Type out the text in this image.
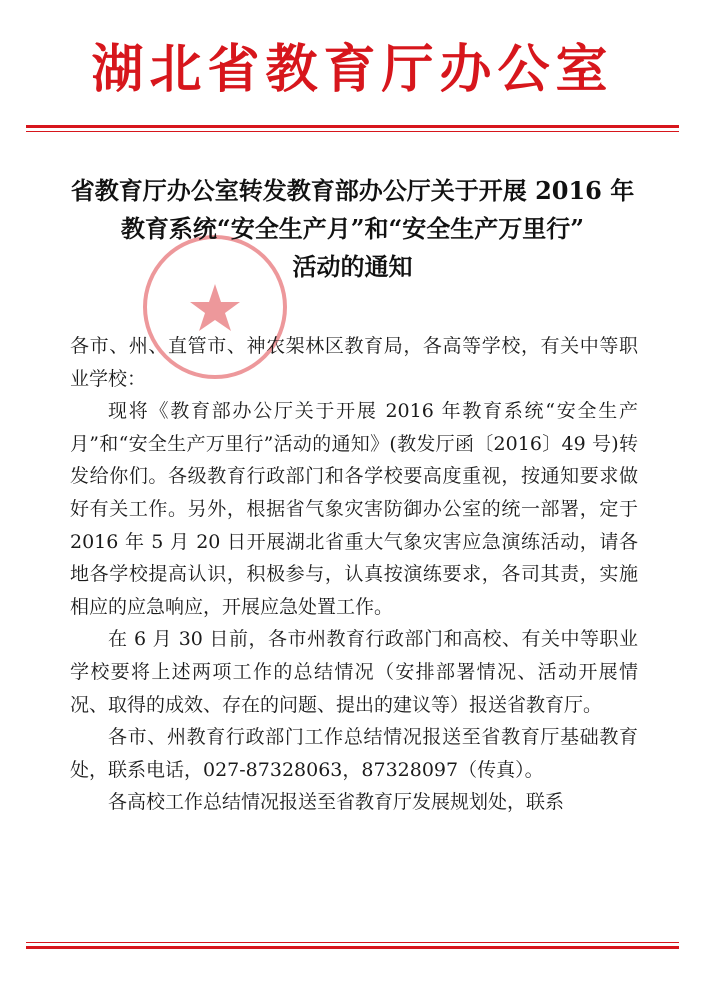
湖北省教育厅办公室
省教育厅办公室转发教育部办公厅关于开展 2016 年
教育系统“安全生产月”和“安全生产万里行”
活动的通知

各市、州、直管市、神农架林区教育局，各高等学校，有关中等职业学校：

现将《教育部办公厅关于开展 2016 年教育系统“安全生产月”和“安全生产万里行”活动的通知》(教发厅函〔2016〕49 号)转发给你们。各级教育行政部门和各学校要高度重视，按通知要求做好有关工作。另外，根据省气象灾害防御办公室的统一部署，定于 2016 年 5 月 20 日开展湖北省重大气象灾害应急演练活动，请各地各学校提高认识，积极参与，认真按演练要求，各司其责，实施相应的应急响应，开展应急处置工作。

在 6 月 30 日前，各市州教育行政部门和高校、有关中等职业学校要将上述两项工作的总结情况（安排部署情况、活动开展情况、取得的成效、存在的问题、提出的建议等）报送省教育厅。

各市、州教育行政部门工作总结情况报送至省教育厅基础教育处，联系电话，027-87328063，87328097（传真）。

各高校工作总结情况报送至省教育厅发展规划处，联系
